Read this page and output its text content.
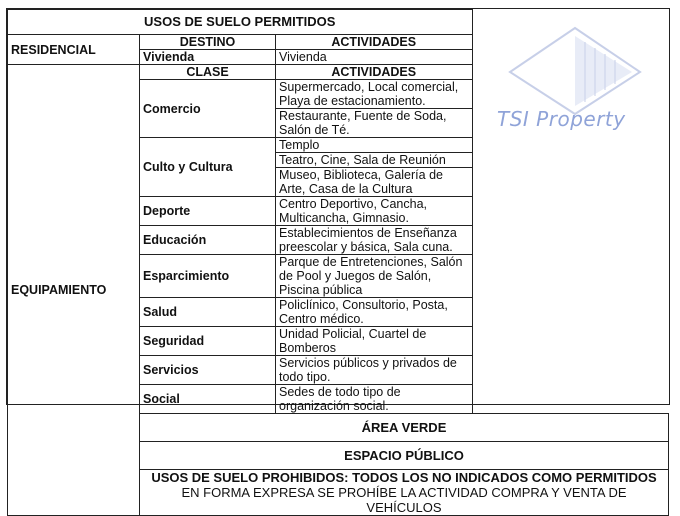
USOS DE SUELO PERMITIDOS		
RESIDENCIAL	DESTINO	ACTIVIDADES
	Vivienda	Vivienda
EQUIPAMIENTO	CLASE	ACTIVIDADES
	Comercio	Supermercado, Local comercial, Playa de estacionamiento.
		Restaurante, Fuente de Soda, Salón de Té.
	Culto y Cultura	Templo
		Teatro, Cine, Sala de Reunión
		Museo, Biblioteca, Galería de Arte, Casa de la Cultura
	Deporte	Centro Deportivo, Cancha, Multicancha, Gimnasio.
	Educación	Establecimientos de Enseñanza preescolar y básica, Sala cuna.
	Esparcimiento	Parque de Entretenciones, Salón de Pool y Juegos de Salón, Piscina pública
	Salud	Policlínico, Consultorio, Posta, Centro médico.
	Seguridad	Unidad Policial, Cuartel de Bomberos
	Servicios	Servicios públicos y privados de todo tipo.
	Social	Sedes de todo tipo de organización social.
	ÁREA VERDE	
	ESPACIO PÚBLICO	
	USOS DE SUELO PROHIBIDOS: TODOS LOS NO INDICADOS COMO PERMITIDOS
EN FORMA EXPRESA SE PROHÍBE LA ACTIVIDAD COMPRA Y VENTA DE VEHÍCULOS	
TSI Property
